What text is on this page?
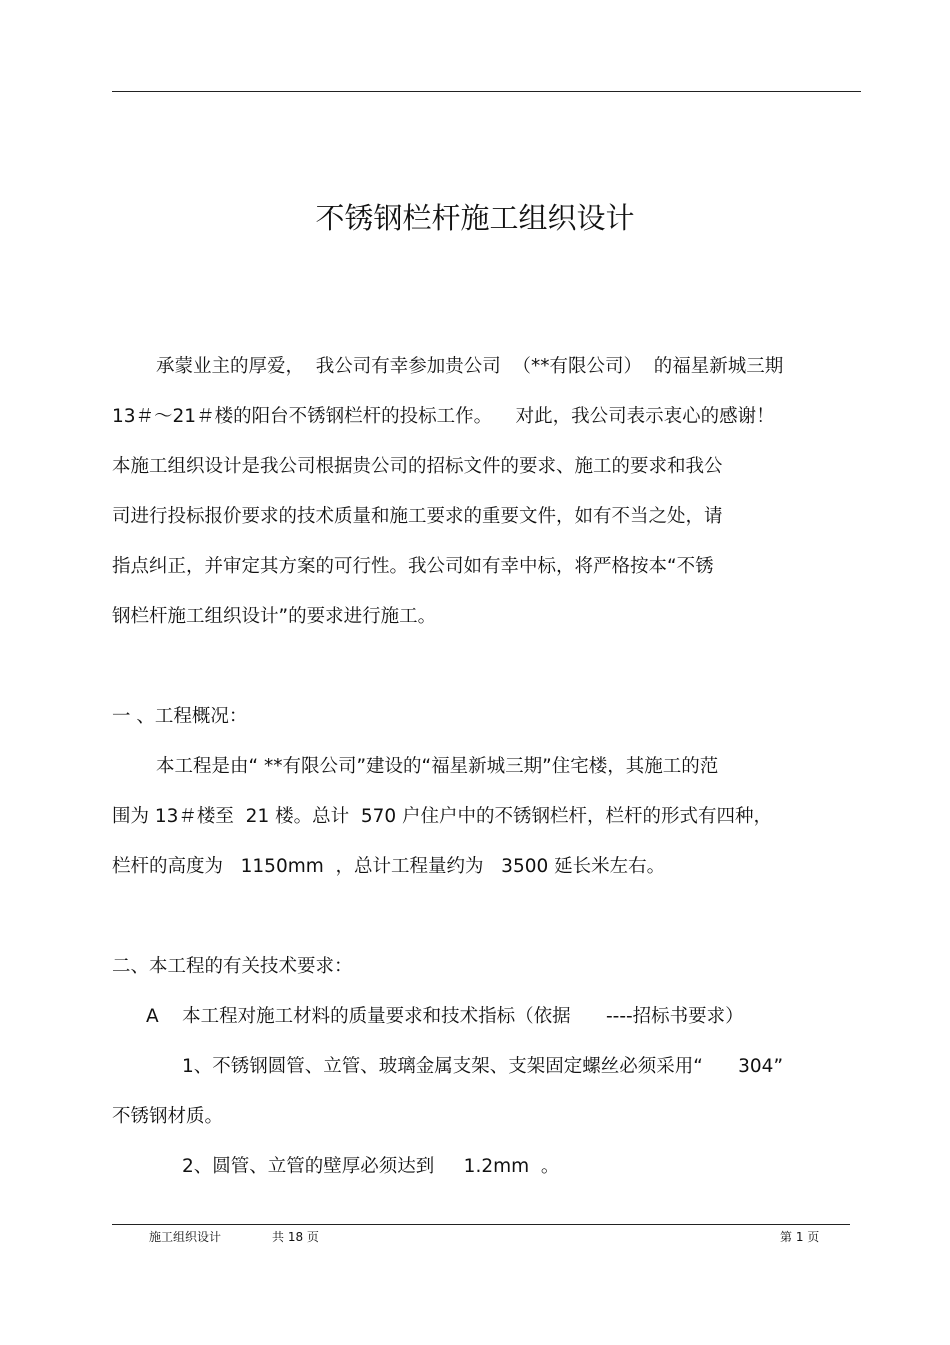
不锈钢栏杆施工组织设计
承蒙业主的厚爱，  我公司有幸参加贵公司  （**有限公司）  的福星新城三期
13＃～21＃楼的阳台不锈钢栏杆的投标工作。    对此，我公司表示衷心的感谢！
本施工组织设计是我公司根据贵公司的招标文件的要求、施工的要求和我公
司进行投标报价要求的技术质量和施工要求的重要文件，如有不当之处，请
指点纠正，并审定其方案的可行性。我公司如有幸中标，将严格按本“不锈
钢栏杆施工组织设计”的要求进行施工。
一 、工程概况：
本工程是由“ **有限公司”建设的“福星新城三期”住宅楼，其施工的范
围为 13＃楼至  21 楼。总计  570 户住户中的不锈钢栏杆，栏杆的形式有四种，
栏杆的高度为   1150mm  ，总计工程量约为   3500 延长米左右。
二、本工程的有关技术要求：
A    本工程对施工材料的质量要求和技术指标（依据      ----招标书要求）
1、不锈钢圆管、立管、玻璃金属支架、支架固定螺丝必须采用“      304”
不锈钢材质。
2、圆管、立管的壁厚必须达到     1.2mm  。
施工组织设计	共 18 页	第 1 页
